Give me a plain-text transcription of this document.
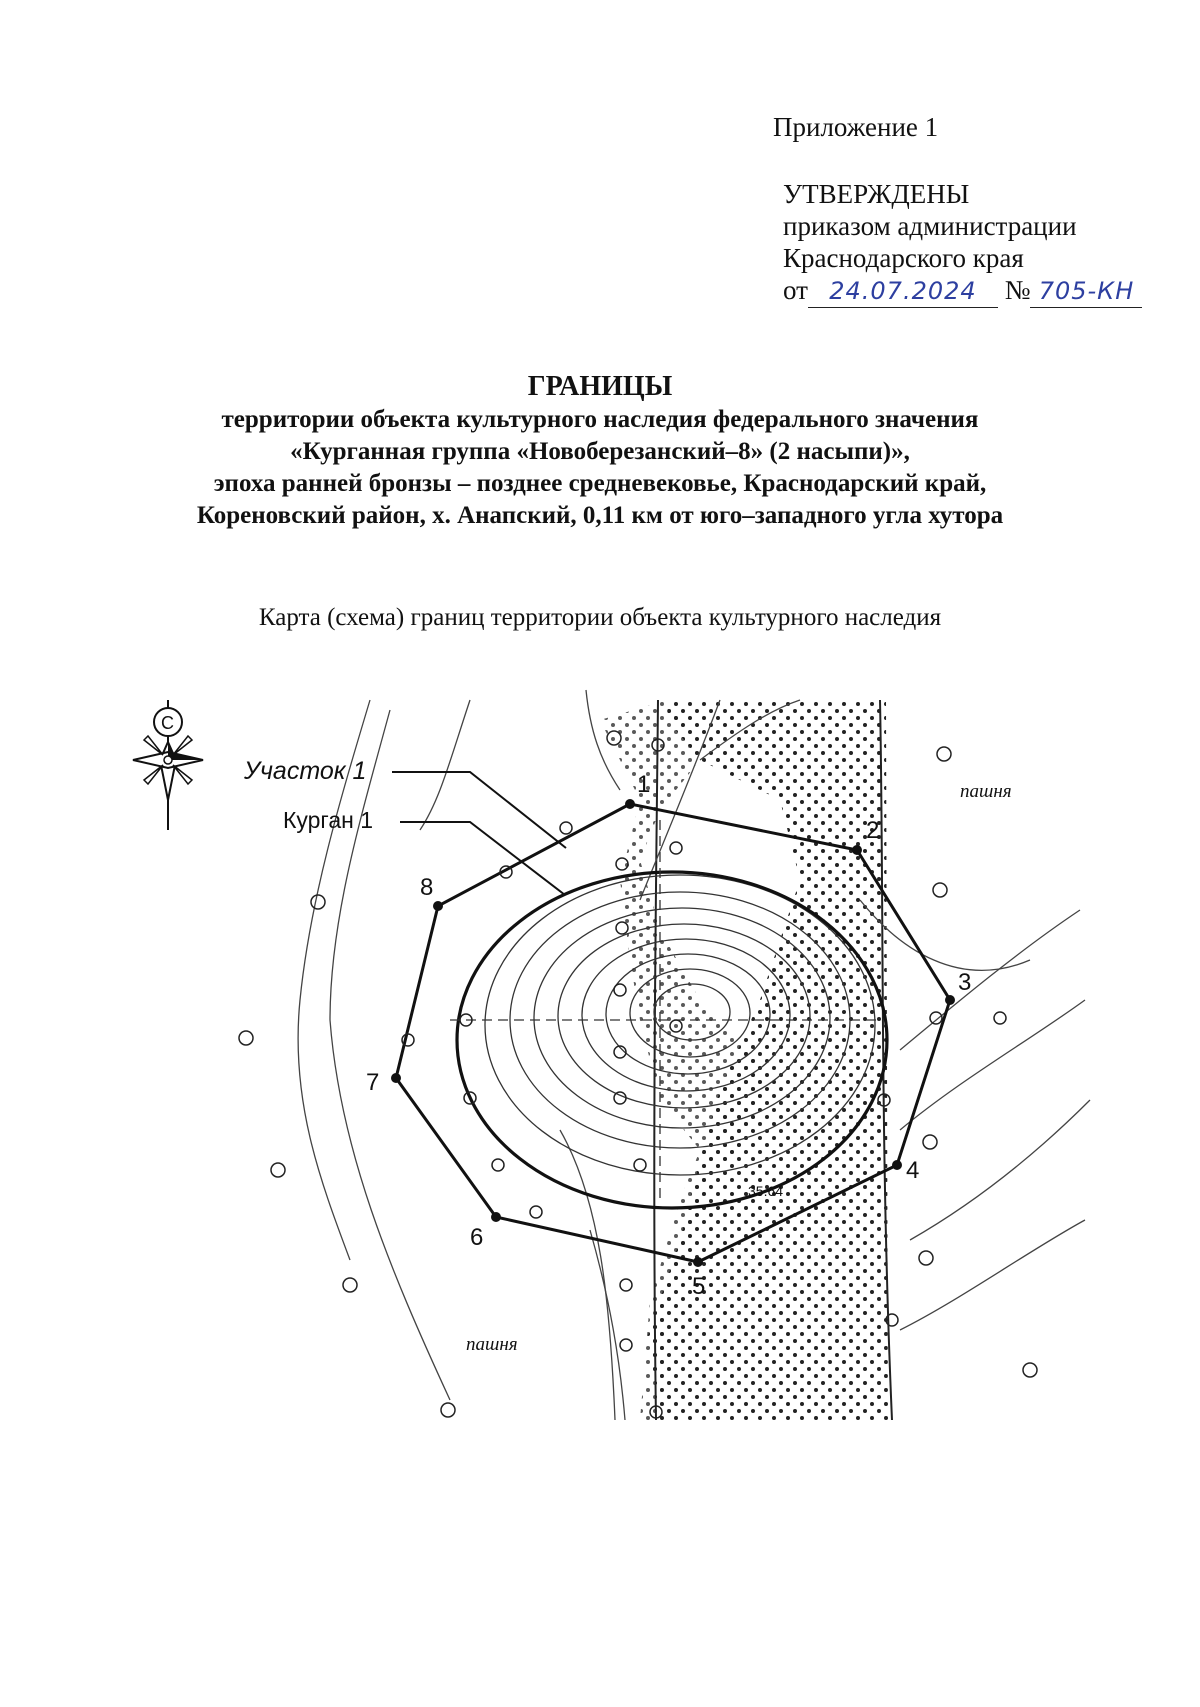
Приложение 1
УТВЕРЖДЕНЫ
приказом администрации
Краснодарского края
от 24.07.2024 № 705-КН
ГРАНИЦЫ
территории объекта культурного наследия федерального значения
«Курганная группа «Новоберезанский–8» (2 насыпи)»,
эпоха ранней бронзы – позднее средневековье, Краснодарский край,
Кореновский район, х. Анапский, 0,11 км от юго–западного угла хутора
Карта (схема) границ территории объекта культурного наследия
1
2
3
4
5
6
7
8
Участок 1
Курган 1
пашня
пашня
35.64
С
